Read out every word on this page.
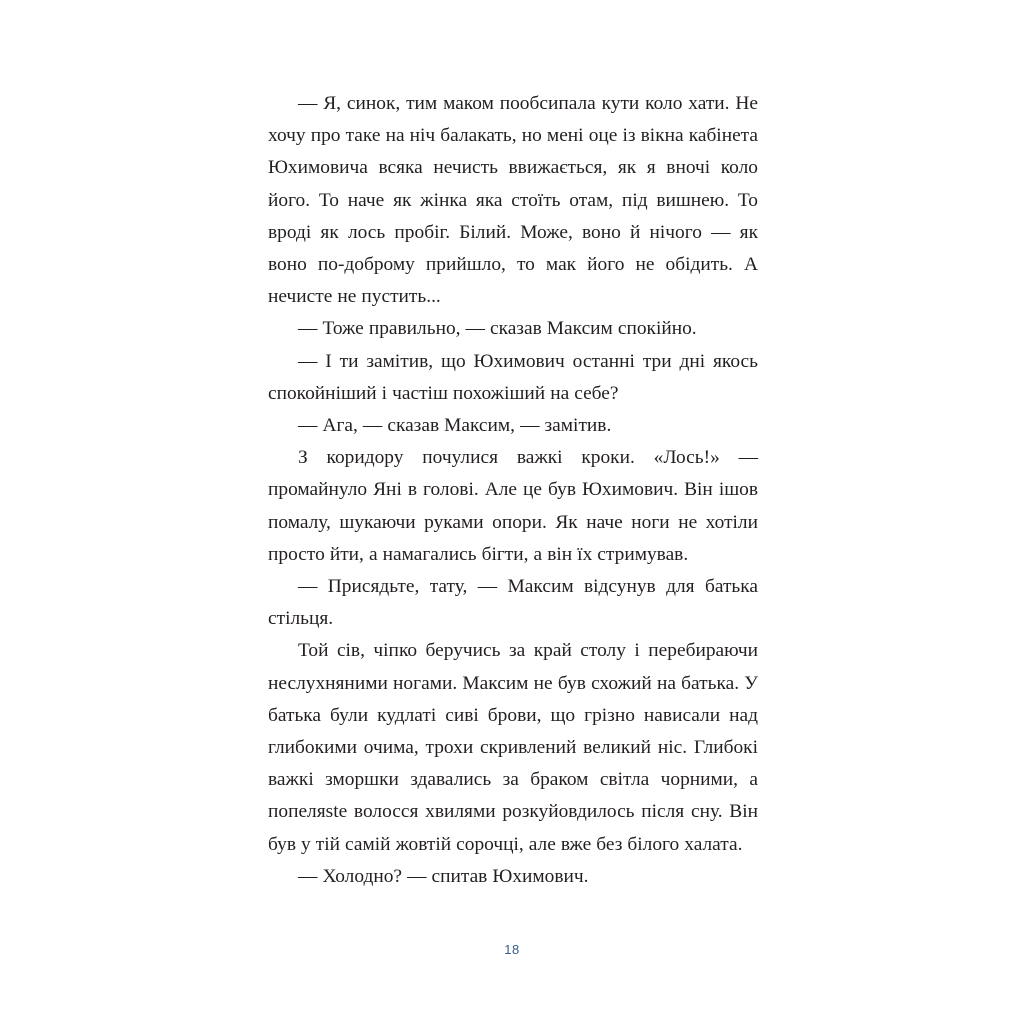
— Я, синок, тим маком пообсипала кути коло хати. Не хочу про таке на ніч балакать, но мені оце із вікна кабінета Юхимовича всяка нечисть ввижається, як я вночі коло його. То наче як жінка яка стоїть отам, під вишнею. То вроді як лось пробіг. Білий. Може, воно й нічого — як воно по-доброму прийшло, то мак його не обідить. А нечисте не пустить...

— Тоже правильно, — сказав Максим спокійно.

— І ти замітив, що Юхимович останні три дні якось спокойніший і частіш похожіший на себе?

— Ага, — сказав Максим, — замітив.

З коридору почулися важкі кроки. «Лось!» — промайнуло Яні в голові. Але це був Юхимович. Він ішов помалу, шукаючи руками опори. Як наче ноги не хотіли просто йти, а намагались бігти, а він їх стримував.

— Присядьте, тату, — Максим відсунув для батька стільця.

Той сів, чіпко беручись за край столу і перебираючи неслухняними ногами. Максим не був схожий на батька. У батька були кудлаті сиві брови, що грізно нависали над глибокими очима, трохи скривлений великий ніс. Глибокі важкі зморшки здавались за браком світла чорними, а попеляste волосся хвилями розкуйовдилось після сну. Він був у тій самій жовтій сорочці, але вже без білого халата.

— Холодно? — спитав Юхимович.

18
